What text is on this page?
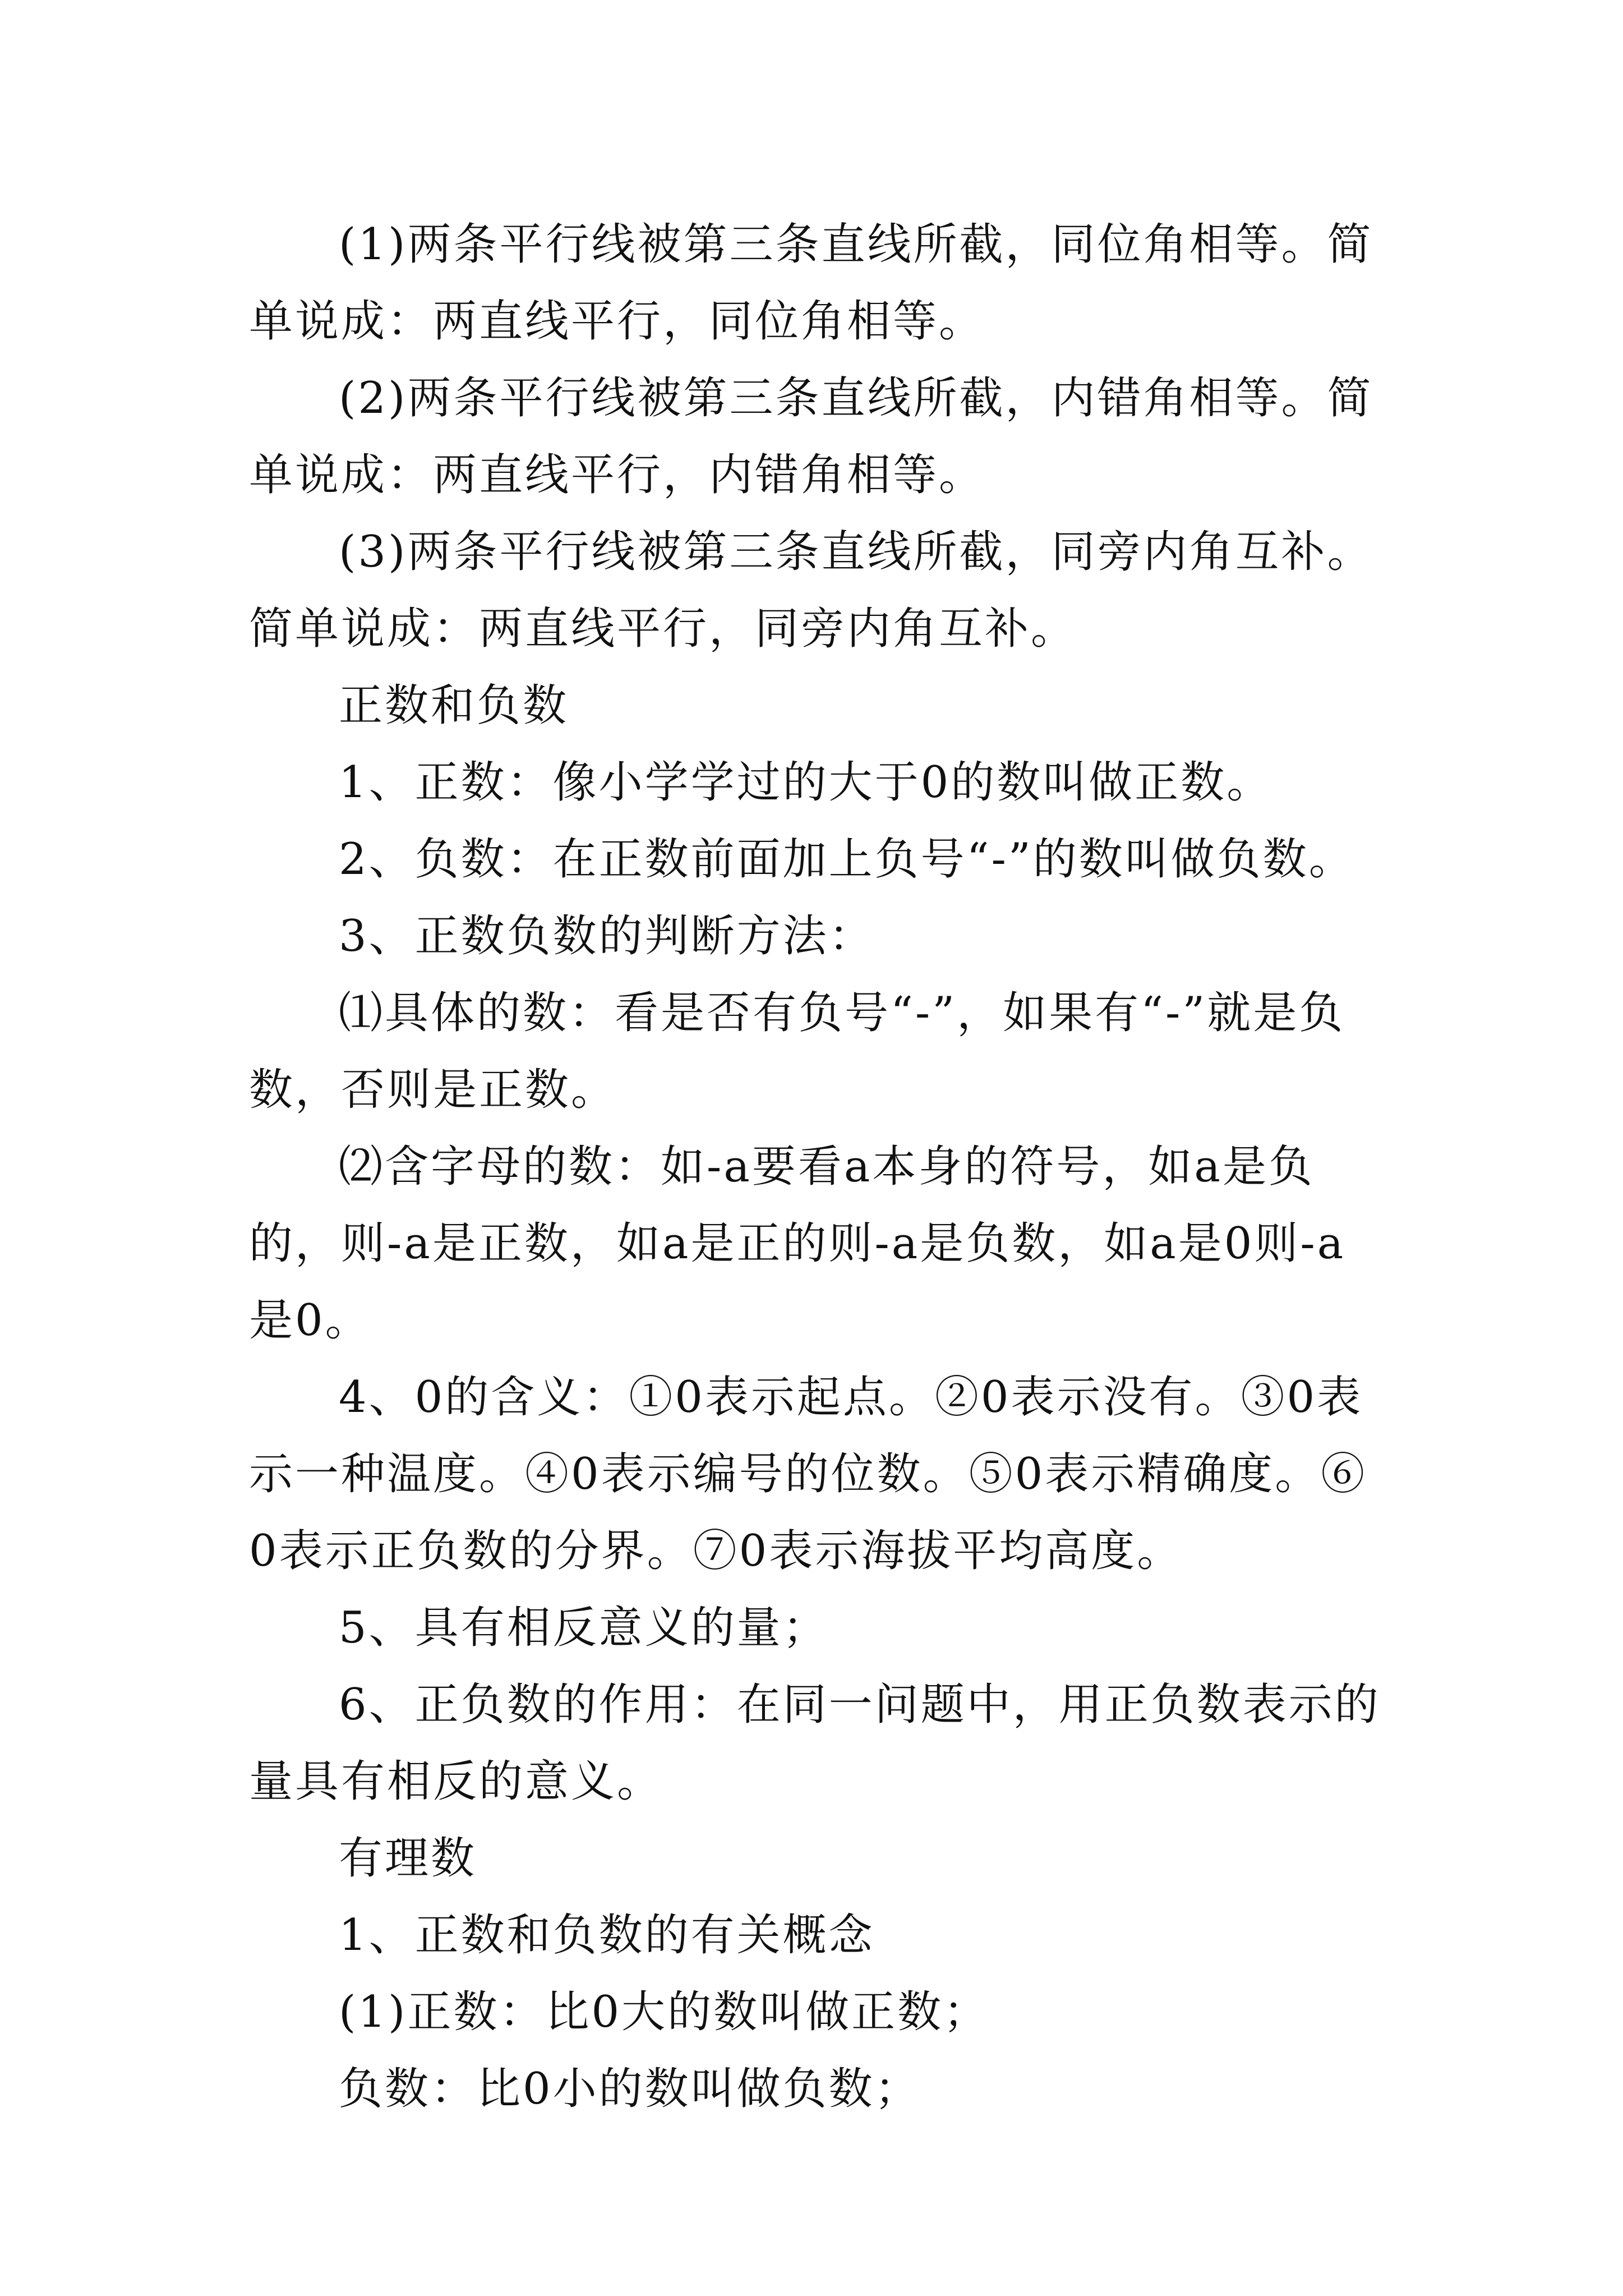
(1)两条平行线被第三条直线所截，同位角相等。简单说成：两直线平行，同位角相等。

(2)两条平行线被第三条直线所截，内错角相等。简单说成：两直线平行，内错角相等。

(3)两条平行线被第三条直线所截，同旁内角互补。简单说成：两直线平行，同旁内角互补。

正数和负数

1、正数：像小学学过的大于0的数叫做正数。

2、负数：在正数前面加上负号“-”的数叫做负数。

3、正数负数的判断方法：

⑴具体的数：看是否有负号“-”，如果有“-”就是负数，否则是正数。

⑵含字母的数：如-a要看a本身的符号，如a是负的，则-a是正数，如a是正的则-a是负数，如a是0则-a是0。

4、0的含义：①0表示起点。②0表示没有。③0表示一种温度。④0表示编号的位数。⑤0表示精确度。⑥0表示正负数的分界。⑦0表示海拔平均高度。

5、具有相反意义的量；

6、正负数的作用：在同一问题中，用正负数表示的量具有相反的意义。

有理数

1、正数和负数的有关概念

(1)正数：比0大的数叫做正数；

负数：比0小的数叫做负数；
